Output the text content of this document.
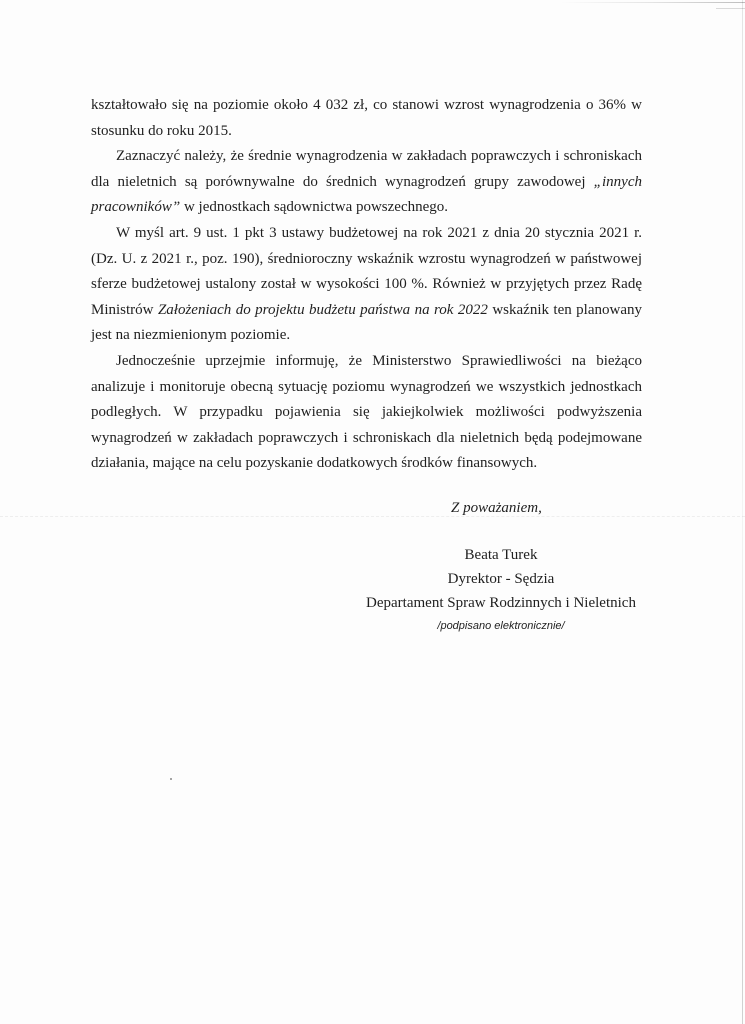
kształtowało się na poziomie około 4 032 zł, co stanowi wzrost wynagrodzenia o 36% w stosunku do roku 2015.

Zaznaczyć należy, że średnie wynagrodzenia w zakładach poprawczych i schroniskach dla nieletnich są porównywalne do średnich wynagrodzeń grupy zawodowej „innych pracowników” w jednostkach sądownictwa powszechnego.

W myśl art. 9 ust. 1 pkt 3 ustawy budżetowej na rok 2021 z dnia 20 stycznia 2021 r. (Dz. U. z 2021 r., poz. 190), średnioroczny wskaźnik wzrostu wynagrodzeń w państwowej sferze budżetowej ustalony został w wysokości 100 %. Również w przyjętych przez Radę Ministrów Założeniach do projektu budżetu państwa na rok 2022 wskaźnik ten planowany jest na niezmienionym poziomie.

Jednocześnie uprzejmie informuję, że Ministerstwo Sprawiedliwości na bieżąco analizuje i monitoruje obecną sytuację poziomu wynagrodzeń we wszystkich jednostkach podległych. W przypadku pojawienia się jakiejkolwiek możliwości podwyższenia wynagrodzeń w zakładach poprawczych i schroniskach dla nieletnich będą podejmowane działania, mające na celu pozyskanie dodatkowych środków finansowych.

Z poważaniem,
Beata Turek
Dyrektor - Sędzia
Departament Spraw Rodzinnych i Nieletnich
/podpisano elektronicznie/
